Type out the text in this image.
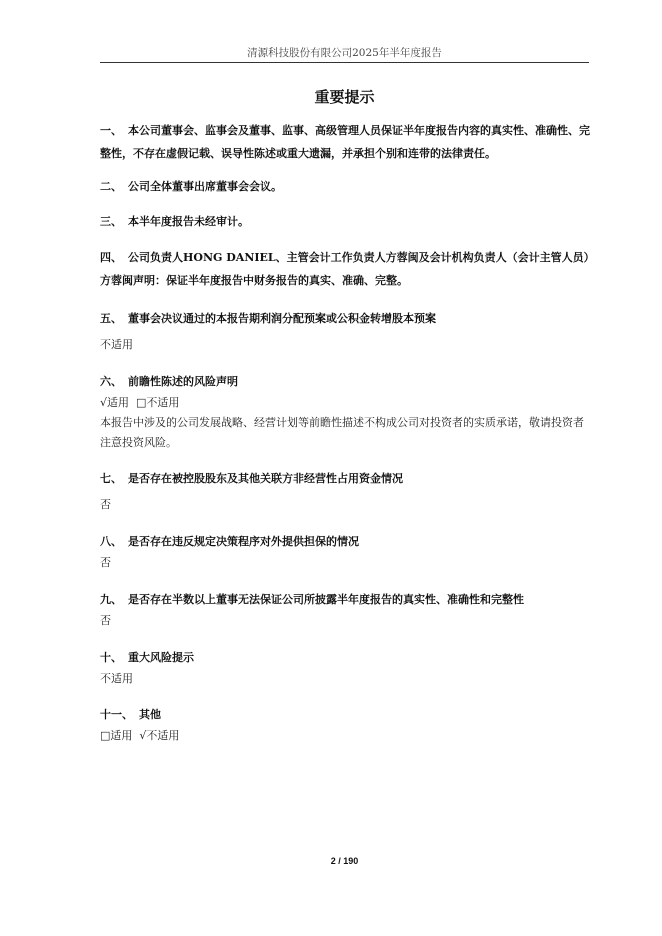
清源科技股份有限公司2025年半年度报告
重要提示
一、 本公司董事会、监事会及董事、监事、高级管理人员保证半年度报告内容的真实性、准确性、完整性，不存在虚假记载、误导性陈述或重大遗漏，并承担个别和连带的法律责任。
二、 公司全体董事出席董事会会议。
三、 本半年度报告未经审计。
四、 公司负责人HONG DANIEL、主管会计工作负责人方蓉闽及会计机构负责人（会计主管人员）方蓉闽声明：保证半年度报告中财务报告的真实、准确、完整。
五、 董事会决议通过的本报告期利润分配预案或公积金转增股本预案
不适用
六、 前瞻性陈述的风险声明
√适用  □不适用
本报告中涉及的公司发展战略、经营计划等前瞻性描述不构成公司对投资者的实质承诺，敬请投资者注意投资风险。
七、 是否存在被控股股东及其他关联方非经营性占用资金情况
否
八、 是否存在违反规定决策程序对外提供担保的情况
否
九、 是否存在半数以上董事无法保证公司所披露半年度报告的真实性、准确性和完整性
否
十、 重大风险提示
不适用
十一、 其他
□适用  √不适用
2 / 190
